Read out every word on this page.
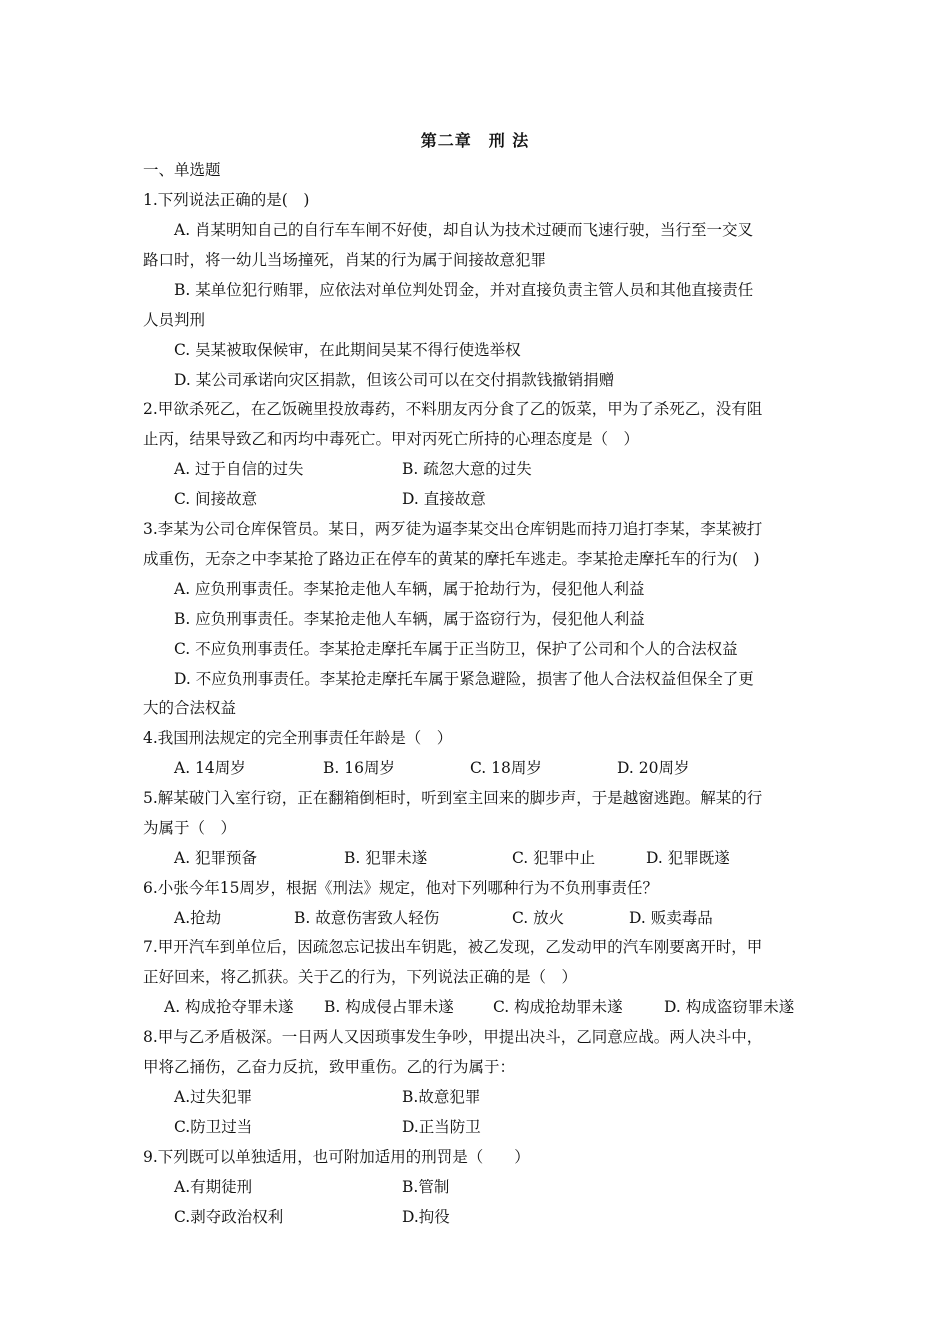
第二章　刑 法
一、单选题
1.下列说法正确的是(　)
A. 肖某明知自己的自行车车闸不好使，却自认为技术过硬而飞速行驶，当行至一交叉
路口时，将一幼儿当场撞死，肖某的行为属于间接故意犯罪
B. 某单位犯行贿罪，应依法对单位判处罚金，并对直接负责主管人员和其他直接责任
人员判刑
C. 吴某被取保候审，在此期间吴某不得行使选举权
D. 某公司承诺向灾区捐款，但该公司可以在交付捐款钱撤销捐赠
2.甲欲杀死乙，在乙饭碗里投放毒药，不料朋友丙分食了乙的饭菜，甲为了杀死乙，没有阻
止丙，结果导致乙和丙均中毒死亡。甲对丙死亡所持的心理态度是（　）
A. 过于自信的过失	B. 疏忽大意的过失
C. 间接故意	D. 直接故意
3.李某为公司仓库保管员。某日，两歹徒为逼李某交出仓库钥匙而持刀追打李某，李某被打
成重伤，无奈之中李某抢了路边正在停车的黄某的摩托车逃走。李某抢走摩托车的行为(　)
A. 应负刑事责任。李某抢走他人车辆，属于抢劫行为，侵犯他人利益
B. 应负刑事责任。李某抢走他人车辆，属于盗窃行为，侵犯他人利益
C. 不应负刑事责任。李某抢走摩托车属于正当防卫，保护了公司和个人的合法权益
D. 不应负刑事责任。李某抢走摩托车属于紧急避险，损害了他人合法权益但保全了更
大的合法权益
4.我国刑法规定的完全刑事责任年龄是（　）
A. 14周岁	B. 16周岁	C. 18周岁	D. 20周岁
5.解某破门入室行窃，正在翻箱倒柜时，听到室主回来的脚步声，于是越窗逃跑。解某的行
为属于（　）
A. 犯罪预备	B. 犯罪未遂	C. 犯罪中止	D. 犯罪既遂
6.小张今年15周岁，根据《刑法》规定，他对下列哪种行为不负刑事责任？
A.抢劫	B. 故意伤害致人轻伤	C. 放火	D. 贩卖毒品
7.甲开汽车到单位后，因疏忽忘记拔出车钥匙，被乙发现，乙发动甲的汽车刚要离开时，甲
正好回来，将乙抓获。关于乙的行为，下列说法正确的是（　）
A. 构成抢夺罪未遂 B. 构成侵占罪未遂	C. 构成抢劫罪未遂	D. 构成盗窃罪未遂
8.甲与乙矛盾极深。一日两人又因琐事发生争吵，甲提出决斗，乙同意应战。两人决斗中，
甲将乙捅伤，乙奋力反抗，致甲重伤。乙的行为属于：
A.过失犯罪	B.故意犯罪
C.防卫过当	D.正当防卫
9.下列既可以单独适用，也可附加适用的刑罚是（　　）
A.有期徒刑	B.管制
C.剥夺政治权利	D.拘役
